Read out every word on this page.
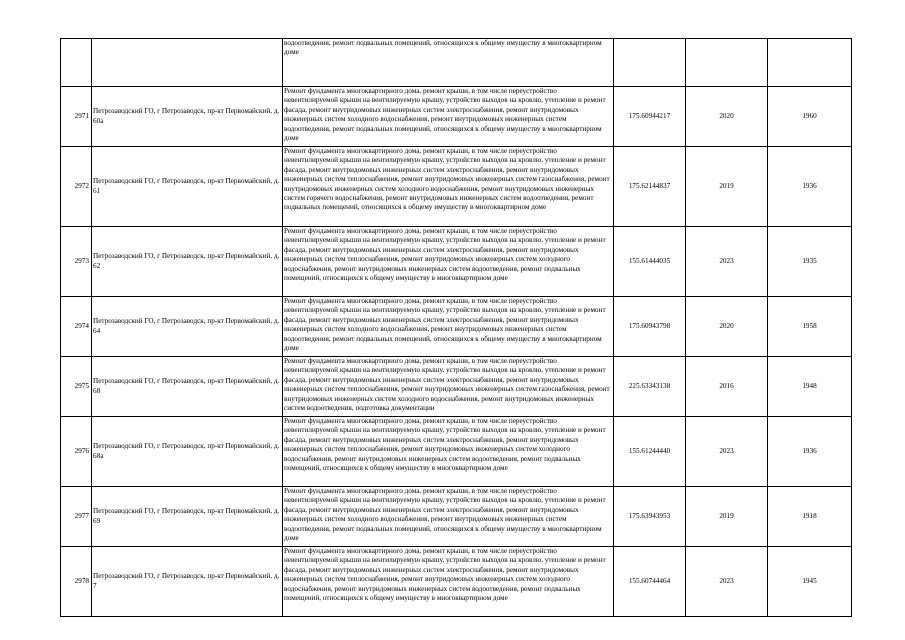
		водоотведения, ремонт подвальных помещений, относящихся к общему имуществу в многоквартирном доме			

2971	Петрозаводский ГО, г Петрозаводск, пр-кт Первомайский, д. 60а	Ремонт фундамента многоквартирного дома, ремонт крыши, в том числе переустройство невентилируемой крыши на вентилируемую крышу, устройство выходов на кровлю, утепление и ремонт фасада, ремонт внутридомовых инженерных систем электроснабжения, ремонт внутридомовых инженерных систем холодного водоснабжения, ремонт внутридомовых инженерных систем водоотведения, ремонт подвальных помещений, относящихся к общему имуществу в многоквартирном доме	175.60944217	2020	1960
2972	Петрозаводский ГО, г Петрозаводск, пр-кт Первомайский, д. 61	Ремонт фундамента многоквартирного дома, ремонт крыши, в том числе переустройство невентилируемой крыши на вентилируемую крышу, устройство выходов на кровлю, утепление и ремонт фасада, ремонт внутридомовых инженерных систем электроснабжения, ремонт внутридомовых инженерных систем теплоснабжения, ремонт внутридомовых инженерных систем газоснабжения, ремонт внутридомовых инженерных систем холодного водоснабжения, ремонт внутридомовых инженерных систем горячего водоснабжения, ремонт внутридомовых инженерных систем водоотведения, ремонт подвальных помещений, относящихся к общему имуществу в многоквартирном доме	175.62144837	2019	1936
2973	Петрозаводский ГО, г Петрозаводск, пр-кт Первомайский, д. 62	Ремонт фундамента многоквартирного дома, ремонт крыши, в том числе переустройство невентилируемой крыши на вентилируемую крышу, устройство выходов на кровлю, утепление и ремонт фасада, ремонт внутридомовых инженерных систем электроснабжения, ремонт внутридомовых инженерных систем теплоснабжения, ремонт внутридомовых инженерных систем холодного водоснабжения, ремонт внутридомовых инженерных систем водоотведения, ремонт подвальных помещений, относящихся к общему имуществу в многоквартирном доме	155.61444035	2023	1935
2974	Петрозаводский ГО, г Петрозаводск, пр-кт Первомайский, д. 64	Ремонт фундамента многоквартирного дома, ремонт крыши, в том числе переустройство невентилируемой крыши на вентилируемую крышу, устройство выходов на кровлю, утепление и ремонт фасада, ремонт внутридомовых инженерных систем электроснабжения, ремонт внутридомовых инженерных систем холодного водоснабжения, ремонт внутридомовых инженерных систем водоотведения, ремонт подвальных помещений, относящихся к общему имуществу в многоквартирном доме	175.60943798	2020	1958
2975	Петрозаводский ГО, г Петрозаводск, пр-кт Первомайский, д. 68	Ремонт фундамента многоквартирного дома, ремонт крыши, в том числе переустройство невентилируемой крыши на вентилируемую крышу, устройство выходов на кровлю, утепление и ремонт фасада, ремонт внутридомовых инженерных систем электроснабжения, ремонт внутридомовых инженерных систем теплоснабжения, ремонт внутридомовых инженерных систем газоснабжения, ремонт внутридомовых инженерных систем холодного водоснабжения, ремонт внутридомовых инженерных систем водоотведения, подготовка документации	225.63343138	2016	1948
2976	Петрозаводский ГО, г Петрозаводск, пр-кт Первомайский, д. 68а	Ремонт фундамента многоквартирного дома, ремонт крыши, в том числе переустройство невентилируемой крыши на вентилируемую крышу, устройство выходов на кровлю, утепление и ремонт фасада, ремонт внутридомовых инженерных систем электроснабжения, ремонт внутридомовых инженерных систем теплоснабжения, ремонт внутридомовых инженерных систем холодного водоснабжения, ремонт внутридомовых инженерных систем водоотведения, ремонт подвальных помещений, относящихся к общему имуществу в многоквартирном доме	155.61244440	2023	1936
2977	Петрозаводский ГО, г Петрозаводск, пр-кт Первомайский, д. 69	Ремонт фундамента многоквартирного дома, ремонт крыши, в том числе переустройство невентилируемой крыши на вентилируемую крышу, устройство выходов на кровлю, утепление и ремонт фасада, ремонт внутридомовых инженерных систем электроснабжения, ремонт внутридомовых инженерных систем холодного водоснабжения, ремонт внутридомовых инженерных систем водоотведения, ремонт подвальных помещений, относящихся к общему имуществу в многоквартирном доме	175.63943953	2019	1918
2978	Петрозаводский ГО, г Петрозаводск, пр-кт Первомайский, д. 7	Ремонт фундамента многоквартирного дома, ремонт крыши, в том числе переустройство невентилируемой крыши на вентилируемую крышу, устройство выходов на кровлю, утепление и ремонт фасада, ремонт внутридомовых инженерных систем электроснабжения, ремонт внутридомовых инженерных систем теплоснабжения, ремонт внутридомовых инженерных систем холодного водоснабжения, ремонт внутридомовых инженерных систем водоотведения, ремонт подвальных помещений, относящихся к общему имуществу в многоквартирном доме	155.60744464	2023	1945
